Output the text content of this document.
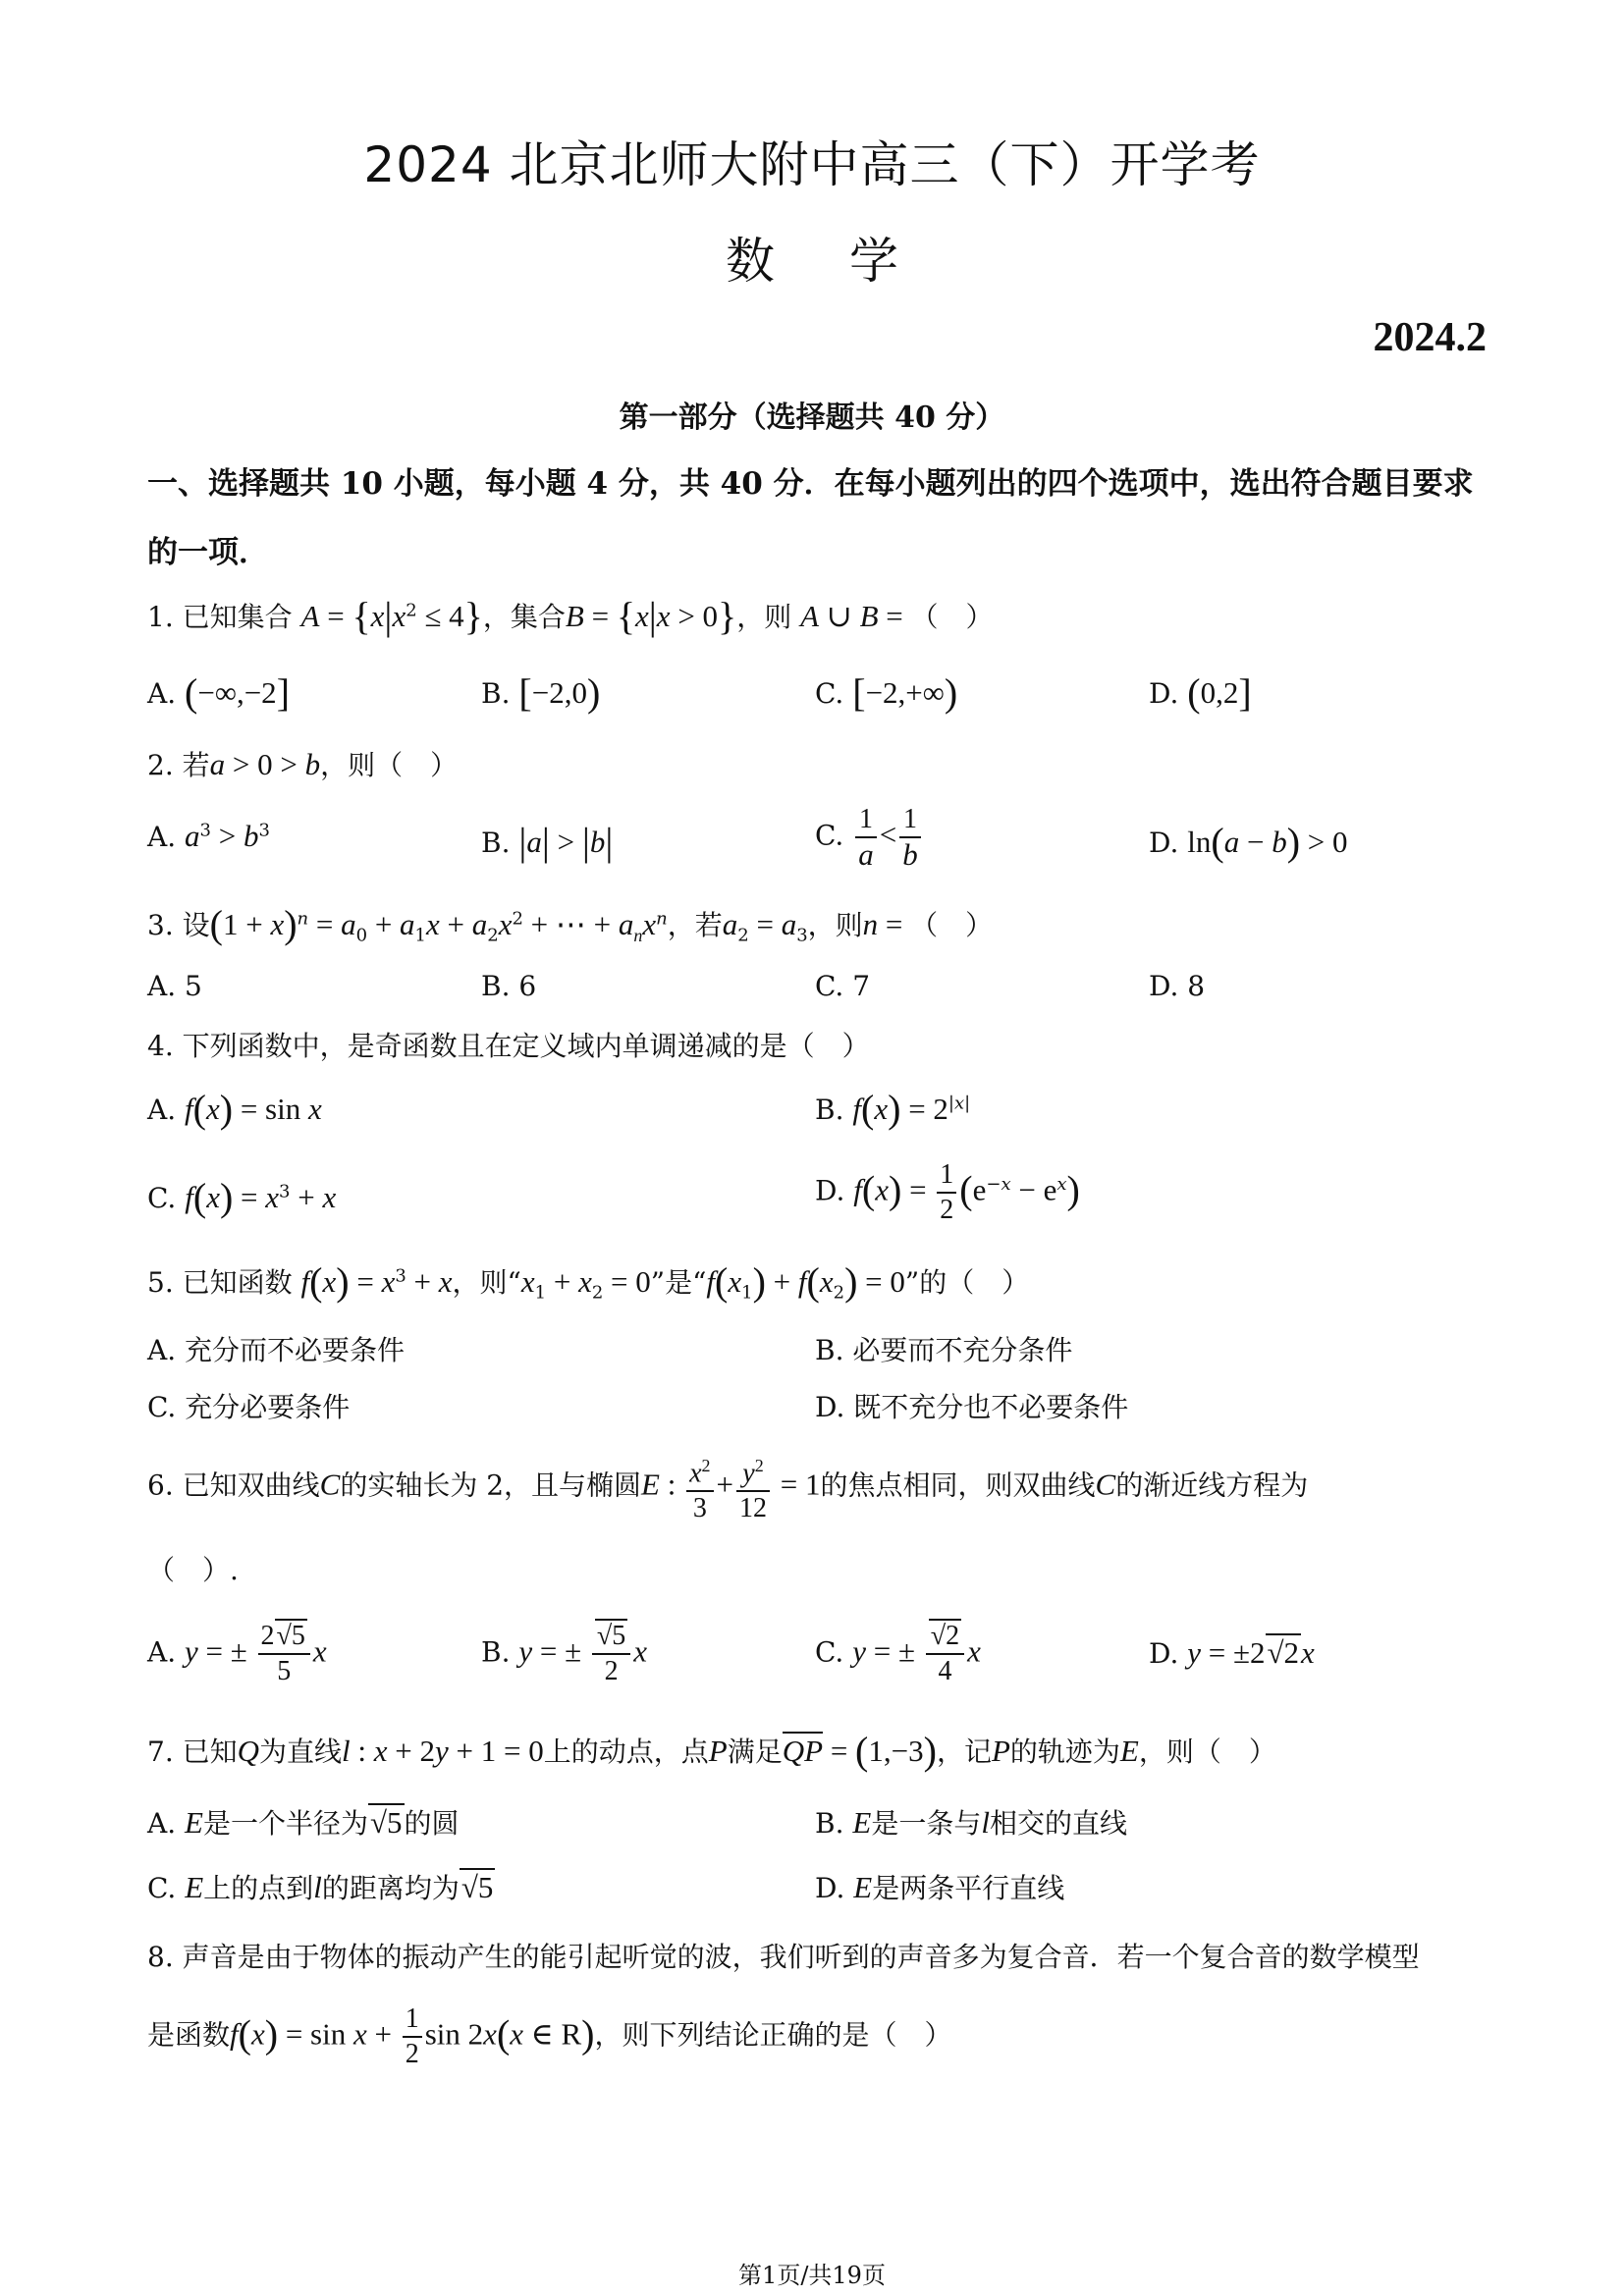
2024 北京北师大附中高三（下）开学考
数 学
2024.2
第一部分（选择题共 40 分）
一、选择题共 10 小题，每小题 4 分，共 40 分．在每小题列出的四个选项中，选出符合题目要求的一项．
1. 已知集合 $A = \{x|x^2 \le 4\}$，集合B = {x|x > 0}，则 A ∪ B = （　）
A. (−∞,−2]	B. [−2,0)	C. [−2,+∞)	D. (0,2]
2. 若a > 0 > b，则（　）
A. $a^3 > b^3$	B. |a| > |b|	C. $\frac{1}{a} < \frac{1}{b}$	D. ln(a − b) > 0
3. 设$(1 + x)^n = a_0 + a_1x + a_2x^2$ + ⋯ + $a_nx^n$，若$a_2 = a_3$，则n = （　）
A. 5	B. 6	C. 7	D. 8
4. 下列函数中，是奇函数且在定义域内单调递减的是（　）
A. f(x) = sin x	B. $f(x) = 2^{|x|}$
C. $f(x) = x^3 + x$	D. $f(x) = \frac{1}{2} (e^{-x} - e^x)$
5. 已知函数 $f(x) = x^3 + x$，则“$x_1 + x_2 = 0$”是“$f(x_1) + f(x_2) = 0$”的（　）
A. 充分而不必要条件	B. 必要而不充分条件
C. 充分必要条件	D. 既不充分也不必要条件
6. 已知双曲线C的实轴长为 2，且与椭圆E : $\frac{x^2}{3} + \frac{y^2}{12} = 1$的焦点相同，则双曲线C的渐近线方程为
（　）.
A. y = ± $\frac{2√5}{5}$ x	B. y = ± $\frac{√5}{2}$ x	C. y = ± $\frac{√2}{4}$ x	D. y = ±2√2x
7. 已知Q为直线l : x + 2y + 1 = 0上的动点，点P满足QP = (1,−3)，记P的轨迹为E，则（　）
A. E是一个半径为√5的圆	B. E是一条与l相交的直线
C. E上的点到l的距离均为√5	D. E是两条平行直线
8. 声音是由于物体的振动产生的能引起听觉的波，我们听到的声音多为复合音．若一个复合音的数学模型
是函数$f(x) = \sin x + \frac{1}{2}$ sin 2x(x ∈ R)，则下列结论正确的是（　）
第1页/共19页
